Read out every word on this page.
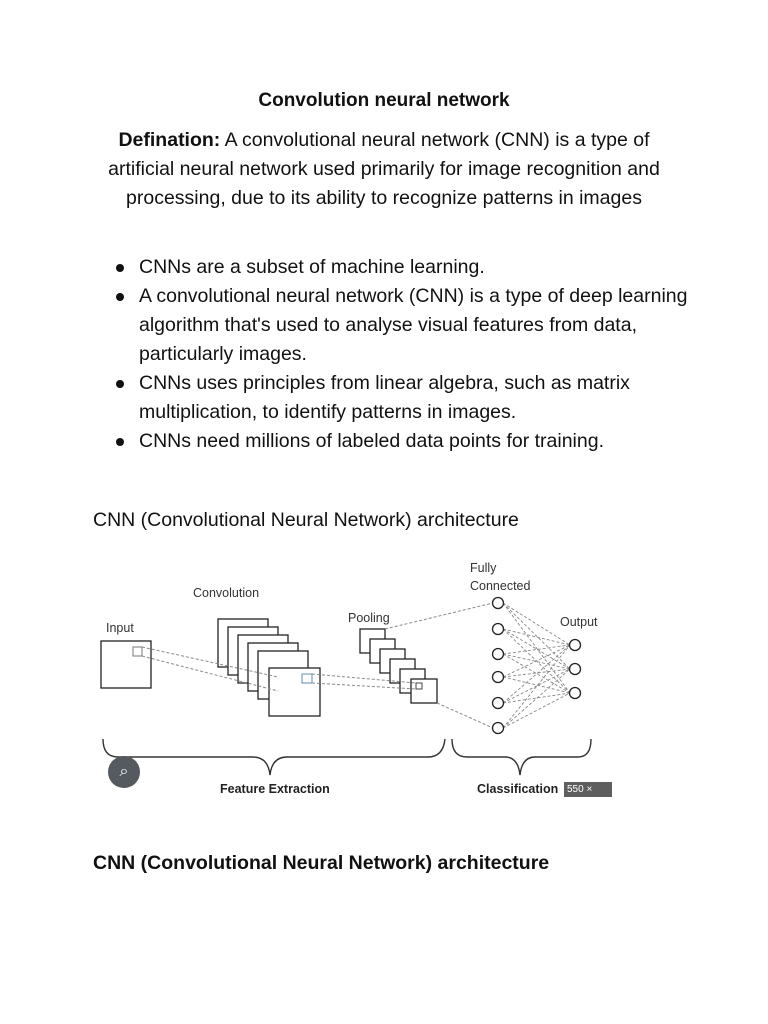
Convolution neural network
Defination: A convolutional neural network (CNN) is a type of artificial neural network used primarily for image recognition and processing, due to its ability to recognize patterns in images
CNNs are a subset of machine learning.
A convolutional neural network (CNN) is a type of deep learning algorithm that's used to analyse visual features from data, particularly images.
CNNs uses principles from linear algebra, such as matrix multiplication, to identify patterns in images.
CNNs need millions of labeled data points for training.
CNN (Convolutional Neural Network) architecture
Input
Convolution
Pooling
Fully
Connected
Output
Feature Extraction	Classification
⌕
550 × 273
CNN (Convolutional Neural Network) architecture
